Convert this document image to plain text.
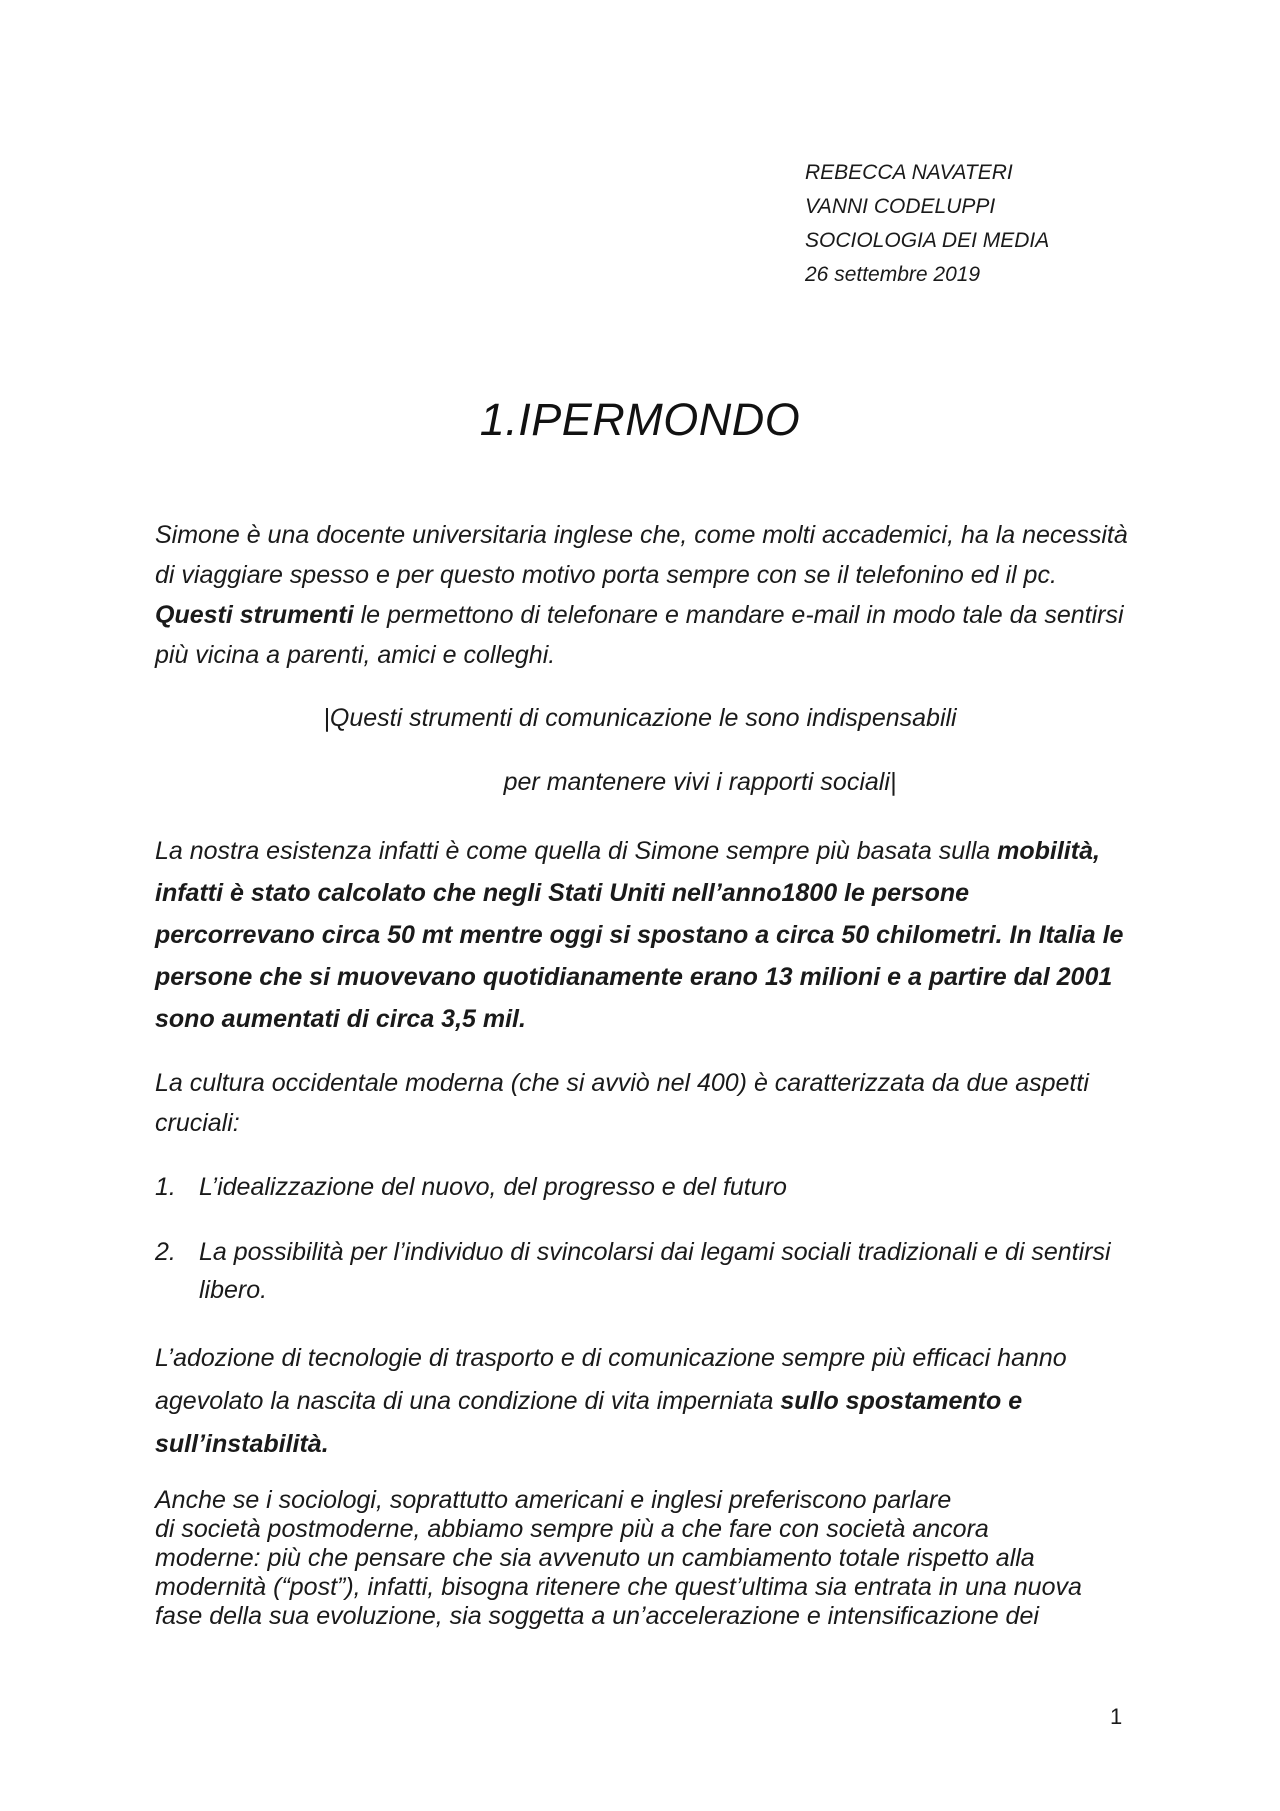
REBECCA NAVATERI
VANNI CODELUPPI
SOCIOLOGIA DEI MEDIA
26 settembre 2019
1.IPERMONDO
Simone è una docente universitaria inglese che, come molti accademici, ha la necessità di viaggiare spesso e per questo motivo porta sempre con se il telefonino ed il pc. Questi strumenti le permettono di telefonare e mandare e-mail in modo tale da sentirsi più vicina a parenti, amici e colleghi.
|Questi strumenti di comunicazione le sono indispensabili
per mantenere vivi i rapporti sociali|
La nostra esistenza infatti è come quella di Simone sempre più basata sulla mobilità, infatti è stato calcolato che negli Stati Uniti nell’anno1800 le persone percorrevano circa 50 mt mentre oggi si spostano a circa 50 chilometri. In Italia le persone che si muovevano quotidianamente erano 13 milioni e a partire dal 2001 sono aumentati di circa 3,5 mil.
La cultura occidentale moderna (che si avviò nel 400) è caratterizzata da due aspetti cruciali:
1. L’idealizzazione del nuovo, del progresso e del futuro
2. La possibilità per l’individuo di svincolarsi dai legami sociali tradizionali e di sentirsi libero.
L’adozione di tecnologie di trasporto e di comunicazione sempre più efficaci hanno agevolato la nascita di una condizione di vita imperniata sullo spostamento e sull’instabilità.
Anche se i sociologi, soprattutto americani e inglesi preferiscono parlare
di società postmoderne, abbiamo sempre più a che fare con società ancora
moderne: più che pensare che sia avvenuto un cambiamento totale rispetto alla
modernità (“post”), infatti, bisogna ritenere che quest’ultima sia entrata in una nuova
fase della sua evoluzione, sia soggetta a un’accelerazione e intensificazione dei
1
